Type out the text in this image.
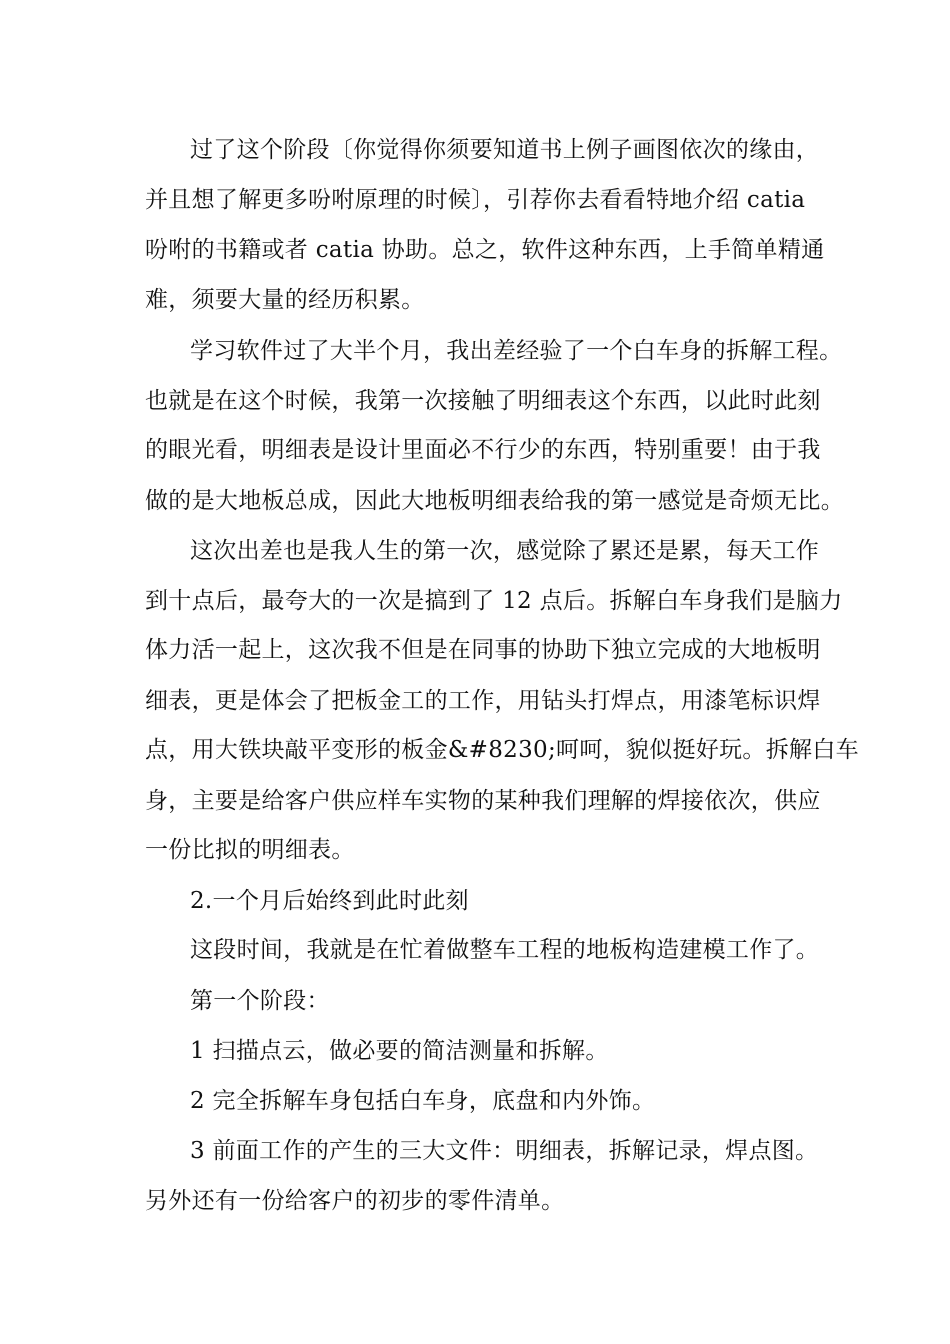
过了这个阶段〔你觉得你须要知道书上例子画图依次的缘由，
并且想了解更多吩咐原理的时候〕，引荐你去看看特地介绍 catia
吩咐的书籍或者 catia 协助。总之，软件这种东西，上手简单精通
难，须要大量的经历积累。
学习软件过了大半个月，我出差经验了一个白车身的拆解工程。
也就是在这个时候，我第一次接触了明细表这个东西，以此时此刻
的眼光看，明细表是设计里面必不行少的东西，特别重要！由于我
做的是大地板总成，因此大地板明细表给我的第一感觉是奇烦无比。
这次出差也是我人生的第一次，感觉除了累还是累，每天工作
到十点后，最夸大的一次是搞到了 12 点后。拆解白车身我们是脑力
体力活一起上，这次我不但是在同事的协助下独立完成的大地板明
细表，更是体会了把板金工的工作，用钻头打焊点，用漆笔标识焊
点，用大铁块敲平变形的板金&#8230;呵呵，貌似挺好玩。拆解白车
身，主要是给客户供应样车实物的某种我们理解的焊接依次，供应
一份比拟的明细表。
2.一个月后始终到此时此刻
这段时间，我就是在忙着做整车工程的地板构造建模工作了。
第一个阶段：
1 扫描点云，做必要的简洁测量和拆解。
2 完全拆解车身包括白车身，底盘和内外饰。
3 前面工作的产生的三大文件：明细表，拆解记录，焊点图。
另外还有一份给客户的初步的零件清单。
